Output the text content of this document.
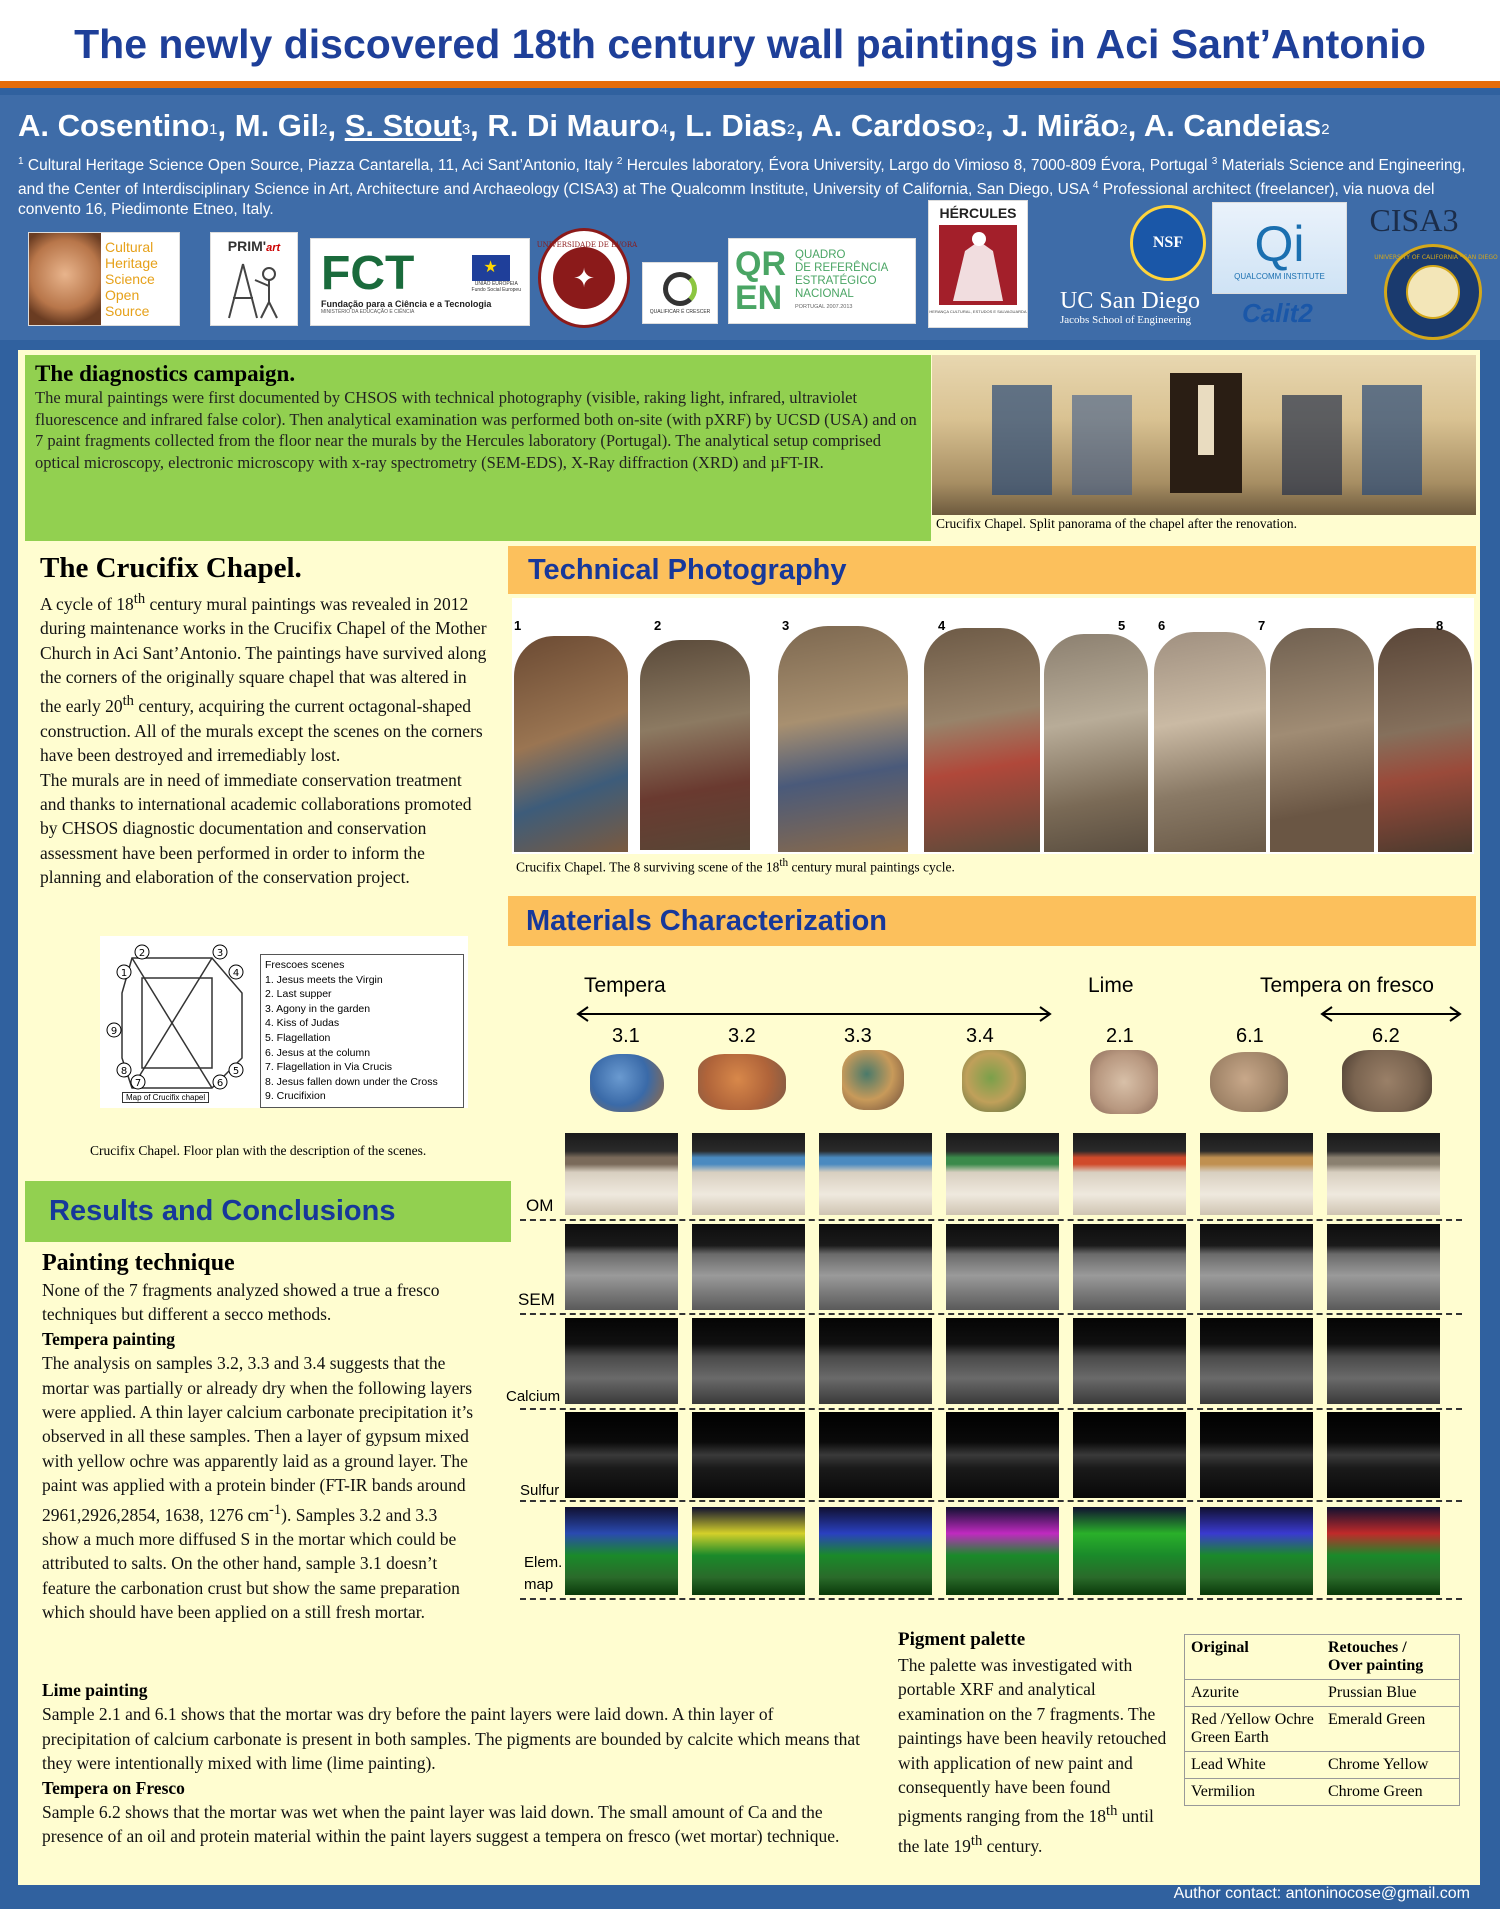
The newly discovered 18th century wall paintings in Aci Sant’Antonio
A. Cosentino$^1$, M. Gil$^2$, S. Stout$^3$, R. Di Mauro$^4$, L. Dias$^2$, A. Cardoso$^2$, J. Mirão$^2$, A. Candeias$^2$
$^1$ Cultural Heritage Science Open Source, Piazza Cantarella, 11, Aci Sant’Antonio, Italy $^2$ Hercules laboratory, Évora University, Largo do Vimioso 8, 7000-809 Évora, Portugal $^3$ Materials Science and Engineering, and the Center of Interdisciplinary Science in Art, Architecture and Archaeology (CISA3) at The Qualcomm Institute, University of California, San Diego, USA $^4$ Professional architect (freelancer), via nuova del convento 16, Piedimonte Etneo, Italy.
Cultural
Heritage
Science
Open
Source
PRIM'art FCT	★
UNIÃO EUROPEIA
Fundo Social Europeu
Fundação para a Ciência e a Tecnologia
MINISTÉRIO DA EDUCAÇÃO E CIÊNCIA
✦
UNIVERSIDADE DE ÉVORA
QUALIFICAR É CRESCER
QREN
QUADRO
DE REFERÊNCIA
ESTRATÉGICO
NACIONAL
PORTUGAL 2007.2013
HÉRCULES
HERANÇA CULTURAL, ESTUDOS E SALVAGUARDA
NSF Qi
QUALCOMM INSTITUTE
CISA3
UC San Diego
Jacobs School of Engineering	Calit2
UNIVERSITY OF CALIFORNIA · SAN DIEGO
The diagnostics campaign.
The mural paintings were first documented by CHSOS with technical photography (visible, raking light, infrared, ultraviolet fluorescence and infrared false color). Then analytical examination was performed both on-site (with pXRF) by UCSD (USA) and on 7 paint fragments collected from the floor near the murals by the Hercules laboratory (Portugal). The analytical setup comprised optical microscopy, electronic microscopy with x-ray spectrometry (SEM-EDS), X-Ray diffraction (XRD) and µFT-IR.
Crucifix Chapel. Split panorama of the chapel after the renovation.
The Crucifix Chapel.
A cycle of 18th century mural paintings was revealed in 2012 during maintenance works in the Crucifix Chapel of the Mother Church in Aci Sant’Antonio. The paintings have survived along the corners of the originally square chapel that was altered in the early 20th century, acquiring the current octagonal-shaped construction. All of the murals except the scenes on the corners have been destroyed and irremediably lost.
The murals are in need of immediate conservation treatment and thanks to international academic collaborations promoted by CHSOS diagnostic documentation and conservation assessment have been performed in order to inform the planning and elaboration of the conservation project.
2
1
3
4
9
8
7
5
6
Map of Crucifix chapel
Frescoes scenes
1. Jesus meets the Virgin
2. Last supper
3. Agony in the garden
4. Kiss of Judas
5. Flagellation
6. Jesus at the column
7. Flagellation in Via Crucis
8. Jesus fallen down under the Cross
9. Crucifixion
Crucifix Chapel. Floor plan with the description of the scenes.
Technical Photography
1	2	3	4	5	6	7	8
Crucifix Chapel. The 8 surviving scene of the 18th century mural paintings cycle.
Materials Characterization
Tempera	Lime	Tempera on fresco
3.1	3.2	3.3	3.4	2.1	6.1	6.2
OM
SEM
Calcium
Sulfur
Elem.
map
Results and Conclusions
Painting technique
None of the 7 fragments analyzed showed a true a fresco techniques but different a secco methods.
Tempera painting
The analysis on samples 3.2, 3.3 and 3.4 suggests that the mortar was partially or already dry when the following layers were applied. A thin layer calcium carbonate precipitation it’s observed in all these samples. Then a layer of gypsum mixed with yellow ochre was apparently laid as a ground layer. The paint was applied with a protein binder (FT-IR bands around 2961,2926,2854, 1638, 1276 $cm^{-1}$). Samples 3.2 and 3.3 show a much more diffused S in the mortar which could be attributed to salts. On the other hand, sample 3.1 doesn’t feature the carbonation crust but show the same preparation which should have been applied on a still fresh mortar.
Lime painting
Sample 2.1 and 6.1 shows that the mortar was dry before the paint layers were laid down. A thin layer of precipitation of calcium carbonate is present in both samples. The pigments are bounded by calcite which means that they were intentionally mixed with lime (lime painting).
Tempera on Fresco
Sample 6.2 shows that the mortar was wet when the paint layer was laid down. The small amount of Ca and the presence of an oil and protein material within the paint layers suggest a tempera on fresco (wet mortar) technique.
Pigment palette
The palette was investigated with portable XRF and analytical examination on the 7 fragments. The paintings have been heavily retouched with application of new paint and consequently have been found pigments ranging from the 18th until the late 19th century.
Original	Retouches /
Over painting

Azurite	Prussian Blue
Red /Yellow Ochre Green Earth	Emerald Green
Lead White	Chrome Yellow
Vermilion	Chrome Green
Author contact: antoninocose@gmail.com
